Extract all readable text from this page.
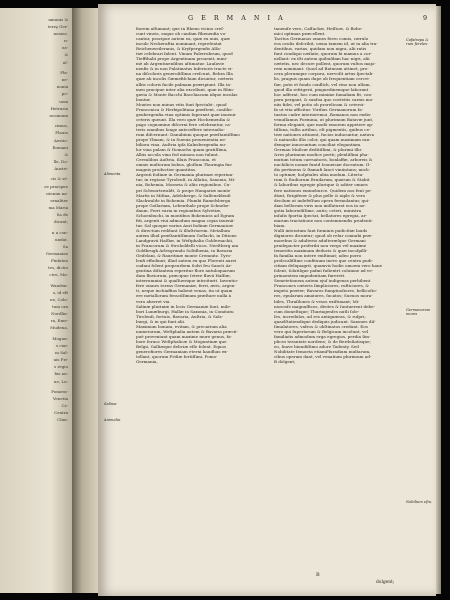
nmunis &
terrę Ger-
nonias.
n-
ns-
&
ul-
Fla-
ne-
nonia
po-
uem
Hetruria
ncomium
cimus,
Flauio
Aestio-
Romani
&
lle, Do-
Austri-
cis & sé-
oe pracipue
ntenim na-
ernaliter
ma Maria
Sa de
dicant;
n a con-
undat.
Sa
Germaniae
Finfaten
tes, dictio
ctes, Ma-
Wanden-
s, id eft
ne, Colo-
tum ora
Nordlin-
ra, Eme-
Mudena,
Mogun-
s ciui-
m Sal-
uis Fri-
s regio
bis au-
ue, Lu-
Pomera-
Venetia
Cz-
Centra
Chin-
G E R M A N I A	9
fiorem aſſumant; que in Rheno vicino creſ-
cunt vineis, eaque ob caufam Rhenenfia vo-
cantur, pracipue autem ea, quæ ex uuis, quæ
inculo Neckeraftia nominant, repreſentat
Reichenweileranis, & Kryfpergenfis Alſa-
tiæ celebrari falent. Vinum Falerrubrum, quod
Tieffthalii prope Argentinam prouenit, mini-
mè ab Argentinenſibus aſtimatur. Lauſavie
nenfis & in non Palatinatus Inferioris tracte vi-
na diſcoloris generoſiſſima creſcunt, Rebra Illa
quæ ab incolis Gæmefiſchum dicuntur, cæteris
albis coloris facile palmam præripiunt. Illa ta-
men pracipue inter alia excellunt, quæ in Rhin-
gavia & Monte Bacchi Bacchiacum idque inculas
bontur.
Montes non minus vitis ſunt fpectabi-, quod
Franconica & Herbipolitana præſtent, conſilis-
genbergenfia vina optimis ſuperant quæ inuenir
ceteris queunt. Illa vero quæ Hochemenſia &
pago cognomine diſcerni fere celebrantur, ca-
teris omnibus longe anteceffere interualio-
rum difcernunt: Danubium quoque præſtantiſſimo
prope Ylmam, & in Sueuia prouenientia ne-
biliora vina. Auſtria ipſa Kalnsbergenfia nu-
lor vina palam & ſtomacho quam gratiſſima,
Albis accola vina fed minora non tulunt.
Cerealibus Auſtria, ſiluis Franconia, et
omnis multorum bobus, gloſſum Thuringia fue
magnis productior quantitas.
Argenti fodinæ in Germania plurimæ reperiun-
tur, in regione Tyrolenſi, in Alſatia, Saxonia, Mi-
nia, Bohemia, Moravia & aliis regionibus. Cu-
pri Schwartzwaldt, & prope Hungariæ monte
Martis in Miſina, Adelsberge, & Salſeueldenſi
Slackwalde in Bohemia. Plumbi Ramelsberga
prope Goſlariam, Lebenthale prope Schnebe-
daum. Ferri varia in regionibus Sylvetiæ,
Schoenbuchi, in montibus Bohemicis ad Egram
fiti, argenti viui admodum magna copia inuenii-
tur. Sal quoque varius Auri fodinæ Germanicæ
& directum reddunt & illuſtriorem. Metallum
autem illud præſtantiſſimum Goſlachi, in Ditione
Landgravii Haſſiæ, in Weſtphalia Goldernachii,
in Francorum & Stroholdelli vicos. Neeſtberg am
Goldbrugk Arlesgrundo Soltdhenia, in Bavaria
Geiſelani, & Rauritinæ monte Cremnitz. Tyro-
lenfi effodiunt; illud autem ex quo Florenti aurei
cuduni folent propeurbem Solst feu Sancti Ar-
gentina diſtantem reperitur flore antuloquarum
dum fluviorum, præcipue Ietere fluvii Haſſiæ,
interrumnini & quaſſuerique introiturit. Inventio-
fere omnes terras Germaniæ, ferri, æris, argen-
ti, neque inchiaffias habent venas, ita ut quam
ere metallorum feraciſſimum præſtare nulla à
vero aberret via.
Salinæ pluriniæ in locis Germaniæ ſunt, mile-
bori Lunæburgi, Hallæ in Saxonia, in Comitatu
Tirolenſi, fortuis, Bavaria, Auſtria, & Salz-
burgi, & in qui funt alii.
Maximum bonum, evitam, & precarium alia
numerorum, Weſtphalia autem & Bavaria præcii-
puè proveniunt quam maxime mure genus, fa-
bore ſeruoc Weſtphalicæ & Moguntinæ que
Belgii, Galliæque deliciæ eſſe folent. Equos
generofiores Germaniam eterni haudhus ex-
tollant, quorum Friſiæ fortiſſimi, Pomo-
Germania,
taneniſe vero, Caſſachæ, Heſſicæ, & Bohe-
mici optimas præcellent.
Tacitus Germanos omnes ferro comis, cærulo
eos oculis deſcribit, cæna tamem id, ut in alia tra-
dentibus, varias, quidam non nigra, alii ratis
funt condiqui cæſiate, quorum bi mamus a cor-
nellant: ex iſti autem quibuſdam hac nigri, alii
cætetis, nec decore pollent, quorum vultos majo-
rem nominant. Quod ad Baturam attinet, pro-
cera plerumque corpora, nervoſit artus ſpectab-
lis, pragnis quam dupe ob frequentiam cercvi-
ſiæ, potu et fondo conflich, vel vino non ullum,
quod illa refrigerii, pinguedinemque laborant
hoc adferat, hoc cum minime ſumaliam fit, con-
pora pergant, & sunfoa quo coeteitis carnis mo-
niis fidei, vel potio ob prorelicam & ceteroi-
fa ut vita afficitur. Viriſius Germanorum fa-
tuatus cadre interioremoi ,Romanos non exdis-
venuſſamus Foemina, ut plurimum Batavæ junt,
forma eleganti, que modò emorem appetere ap-
tiſſuna, tullis artibus, elt pigmentis, quibus ce-
teæ nationes attinent, fucios inducuntur, natuva
& naturalis illis color, qui quam maximam ran-
demque innocuntum conciliat elegantiam.
German Muſicæ deditiſſimi, & plurimi illu-
&res plurimum modice periti; plenliſſimi pha-
mutum totum carruatoris, bonlaffæ, arboreis &
nuchilicis nomæ funtd Ieoneisiæ doceatum. Il-
dis pertinens & ſtamufi ſanct viniintuns; mich-
to optimæ; hoſpitales ubia modum. Literta-
rum & ſtudiorum ſtrudarum, quarum & Stabit
& laboribus egregie plurique & aditer omnes
fere nationes emineburce. Quidem nos fent pe-
disnt, ſtrigiferæ & plus pelle & niple & vero
decilum ut indefeſſum opera fermulantur, qui-
dam bellorum viris non iniſſaturat eos in ne-
gotia laborioſiſſime, autis; ceteri, ministra
inſuſis fportia ſpectat, bellatores egregia, ar-
marum tractatione non contemnendis prudenti-
biam.
Nulli interatum ſunt fœminis pudicitiæ lauds
digniores dicuntur; quod ob relur connubi præ-
morebus & adulterio adulteræſque Germani
prudepacter proferibi non vergo vel maxime
temeritis maximam deducis & quæ incoſpilli-
fa familia non intere exiſtimat; adeo porro
prolecaliſſime confituum inevo que centra pudi-
citiam deliquagrit, quamvis hodie omoem vero hane
ſolent, ſolutiſque pafmi fuſientrt columne ad ve-
prinaentem impudentiam furerett.
Semetetionem autem ejuſ indigenas perhibent
Francones cæteris ſimpliciores, rufticiores, &
impeto præter; Bavaros fumptuoſiores, bellicoſio-
res, epularum amatores, ſucatos; Sueuos mora-
biles, Thraſilones & vesos exiſtimant; Mi-
niorosſe magnuſficos, divites & ſuntuerent debe-
cum domeſtique; Thuringenſes nutli ſole-
ſes, incredulos, ad res antiquæras, & ruſpri;
quaelſtatiendique dediquis judicant. Saxones diſ-
ſimulatores, vafros & obſtinatos credunt. Eos
vero qui ſuperiorum & Belgicam incolunt, vel
familiatis admodum erga egregios, perdia ſim-
plices terantate nordene; & de Berdoſiatisque;
eo, ſuave biundiſſimo adore Tadenty. Sed
Nobilitate ſemoeta etiamPluradium multarum,
cibus operam dant, vel venatium plurimum ad-
B dolgent;
Cafatrapa & rum fereles-
Germanorum mores
Nobilium eſtu.
Alimenta.
Salinæ
Animalia.
B
dolgent;
